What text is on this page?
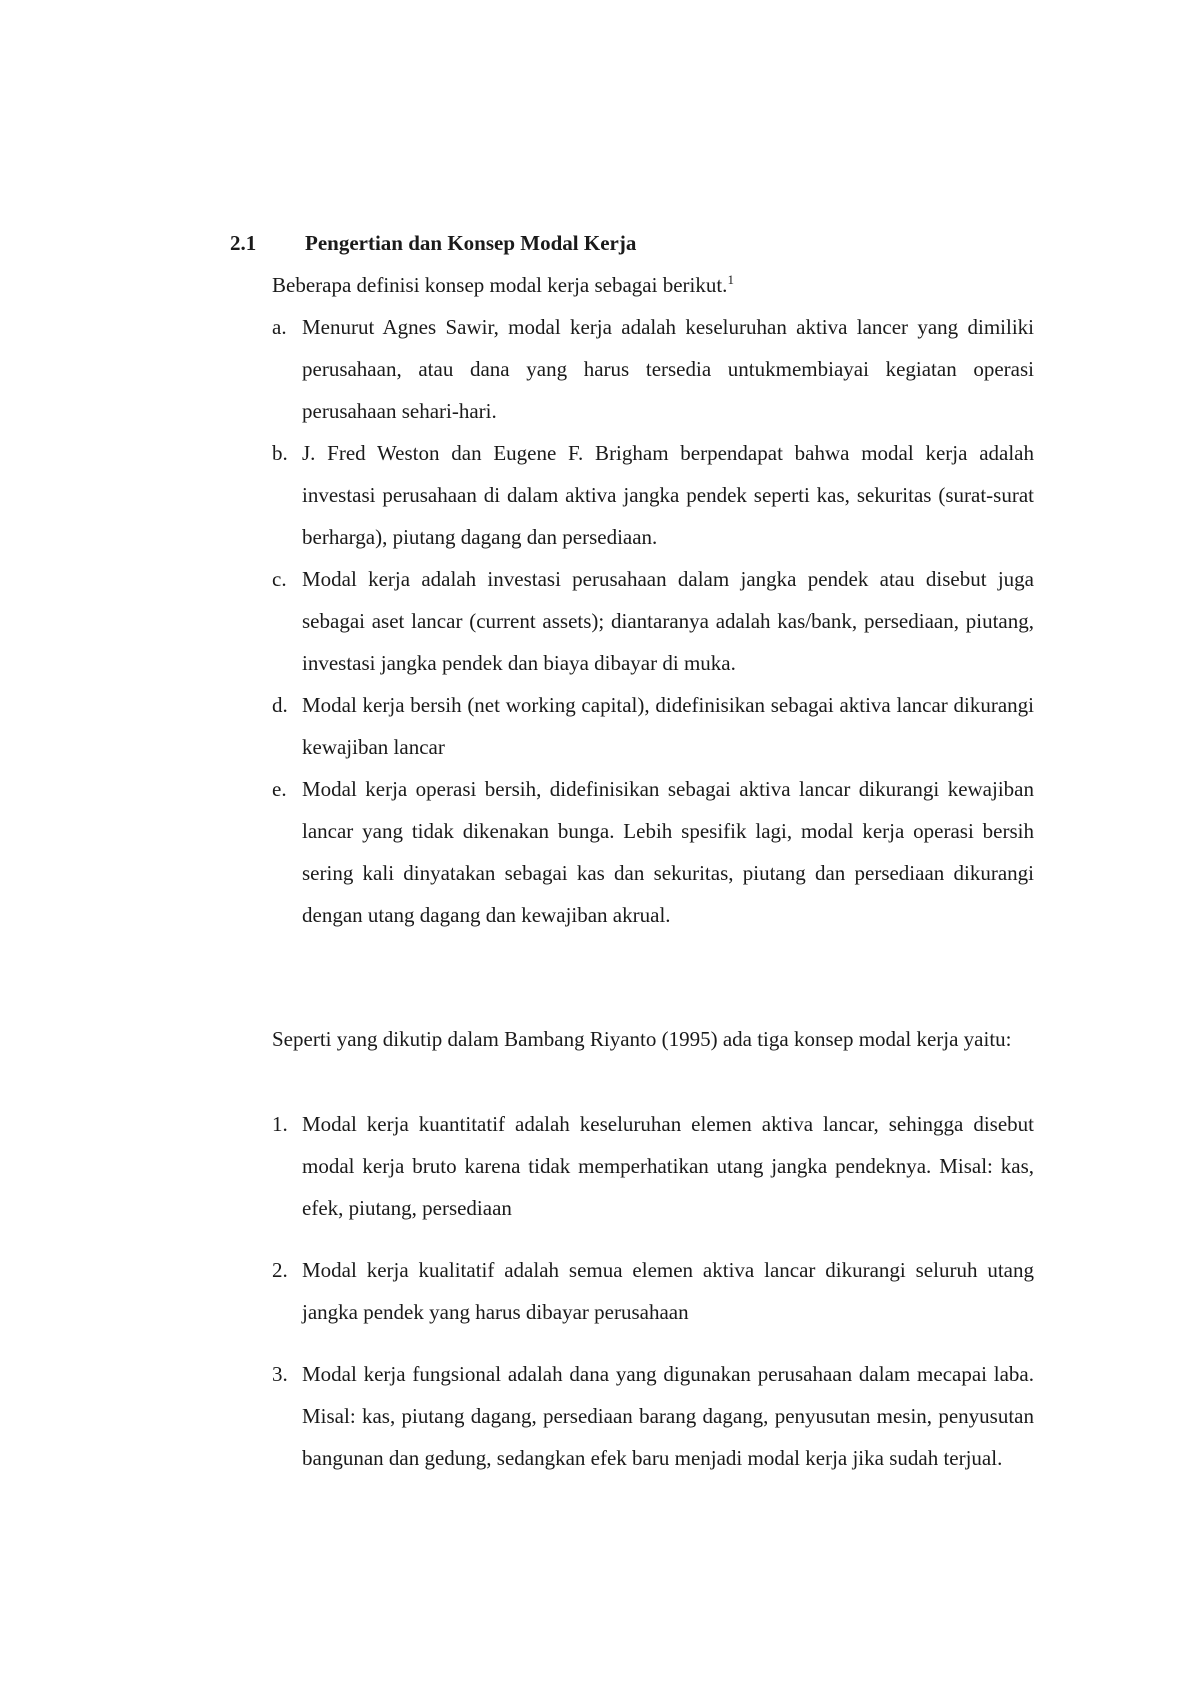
2.1 Pengertian dan Konsep Modal Kerja
Beberapa definisi konsep modal kerja sebagai berikut.$^1$
a. Menurut Agnes Sawir, modal kerja adalah keseluruhan aktiva lancer yang dimiliki perusahaan, atau dana yang harus tersedia untukmembiayai kegiatan operasi perusahaan sehari-hari.
b. J. Fred Weston dan Eugene F. Brigham berpendapat bahwa modal kerja adalah investasi perusahaan di dalam aktiva jangka pendek seperti kas, sekuritas (surat-surat berharga), piutang dagang dan persediaan.
c. Modal kerja adalah investasi perusahaan dalam jangka pendek atau disebut juga sebagai aset lancar (current assets); diantaranya adalah kas/bank, persediaan, piutang, investasi jangka pendek dan biaya dibayar di muka.
d. Modal kerja bersih (net working capital), didefinisikan sebagai aktiva lancar dikurangi kewajiban lancar
e. Modal kerja operasi bersih, didefinisikan sebagai aktiva lancar dikurangi kewajiban lancar yang tidak dikenakan bunga. Lebih spesifik lagi, modal kerja operasi bersih sering kali dinyatakan sebagai kas dan sekuritas, piutang dan persediaan dikurangi dengan utang dagang dan kewajiban akrual.
Seperti yang dikutip dalam Bambang Riyanto (1995) ada tiga konsep modal kerja yaitu:
1. Modal kerja kuantitatif adalah keseluruhan elemen aktiva lancar, sehingga disebut modal kerja bruto karena tidak memperhatikan utang jangka pendeknya. Misal: kas, efek, piutang, persediaan
2. Modal kerja kualitatif adalah semua elemen aktiva lancar dikurangi seluruh utang jangka pendek yang harus dibayar perusahaan
3. Modal kerja fungsional adalah dana yang digunakan perusahaan dalam mecapai laba. Misal: kas, piutang dagang, persediaan barang dagang, penyusutan mesin, penyusutan bangunan dan gedung, sedangkan efek baru menjadi modal kerja jika sudah terjual.
